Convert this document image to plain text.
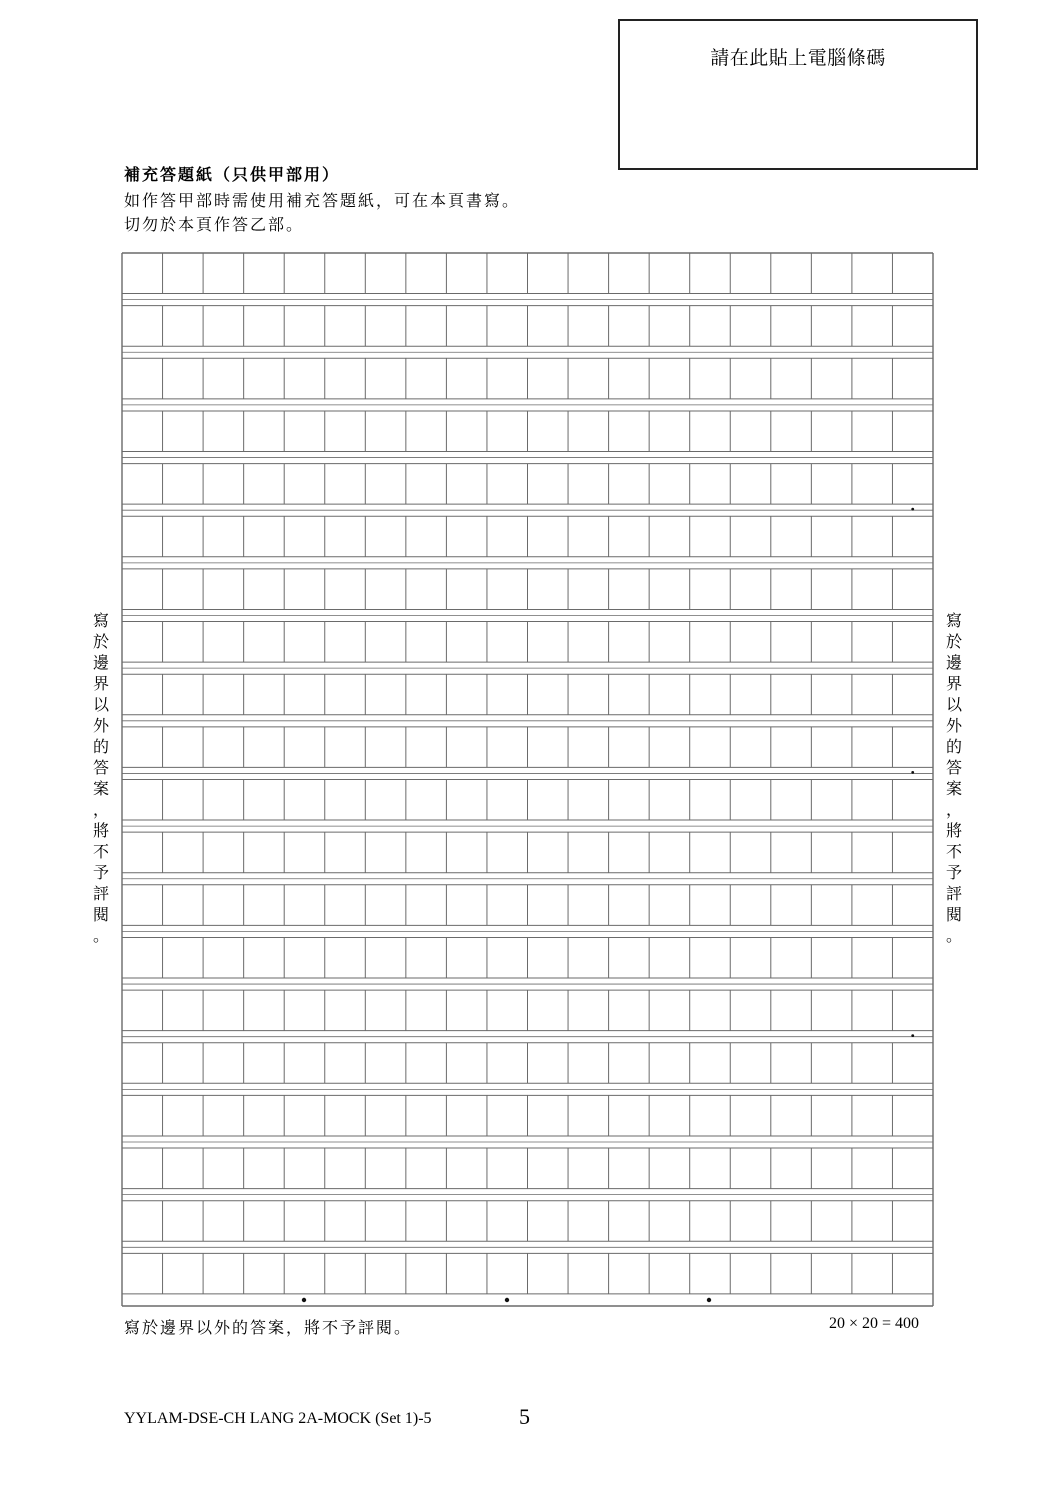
請在此貼上電腦條碼
補充答題紙（只供甲部用）
如作答甲部時需使用補充答題紙，可在本頁書寫。
切勿於本頁作答乙部。
寫
於
邊
界
以
外
的
答
案
，
將
不
予
評
閱
。
寫
於
邊
界
以
外
的
答
案
，
將
不
予
評
閱
。
寫於邊界以外的答案，將不予評閱。	20 × 20 = 400
YYLAM-DSE-CH LANG 2A-MOCK (Set 1)-5	5
